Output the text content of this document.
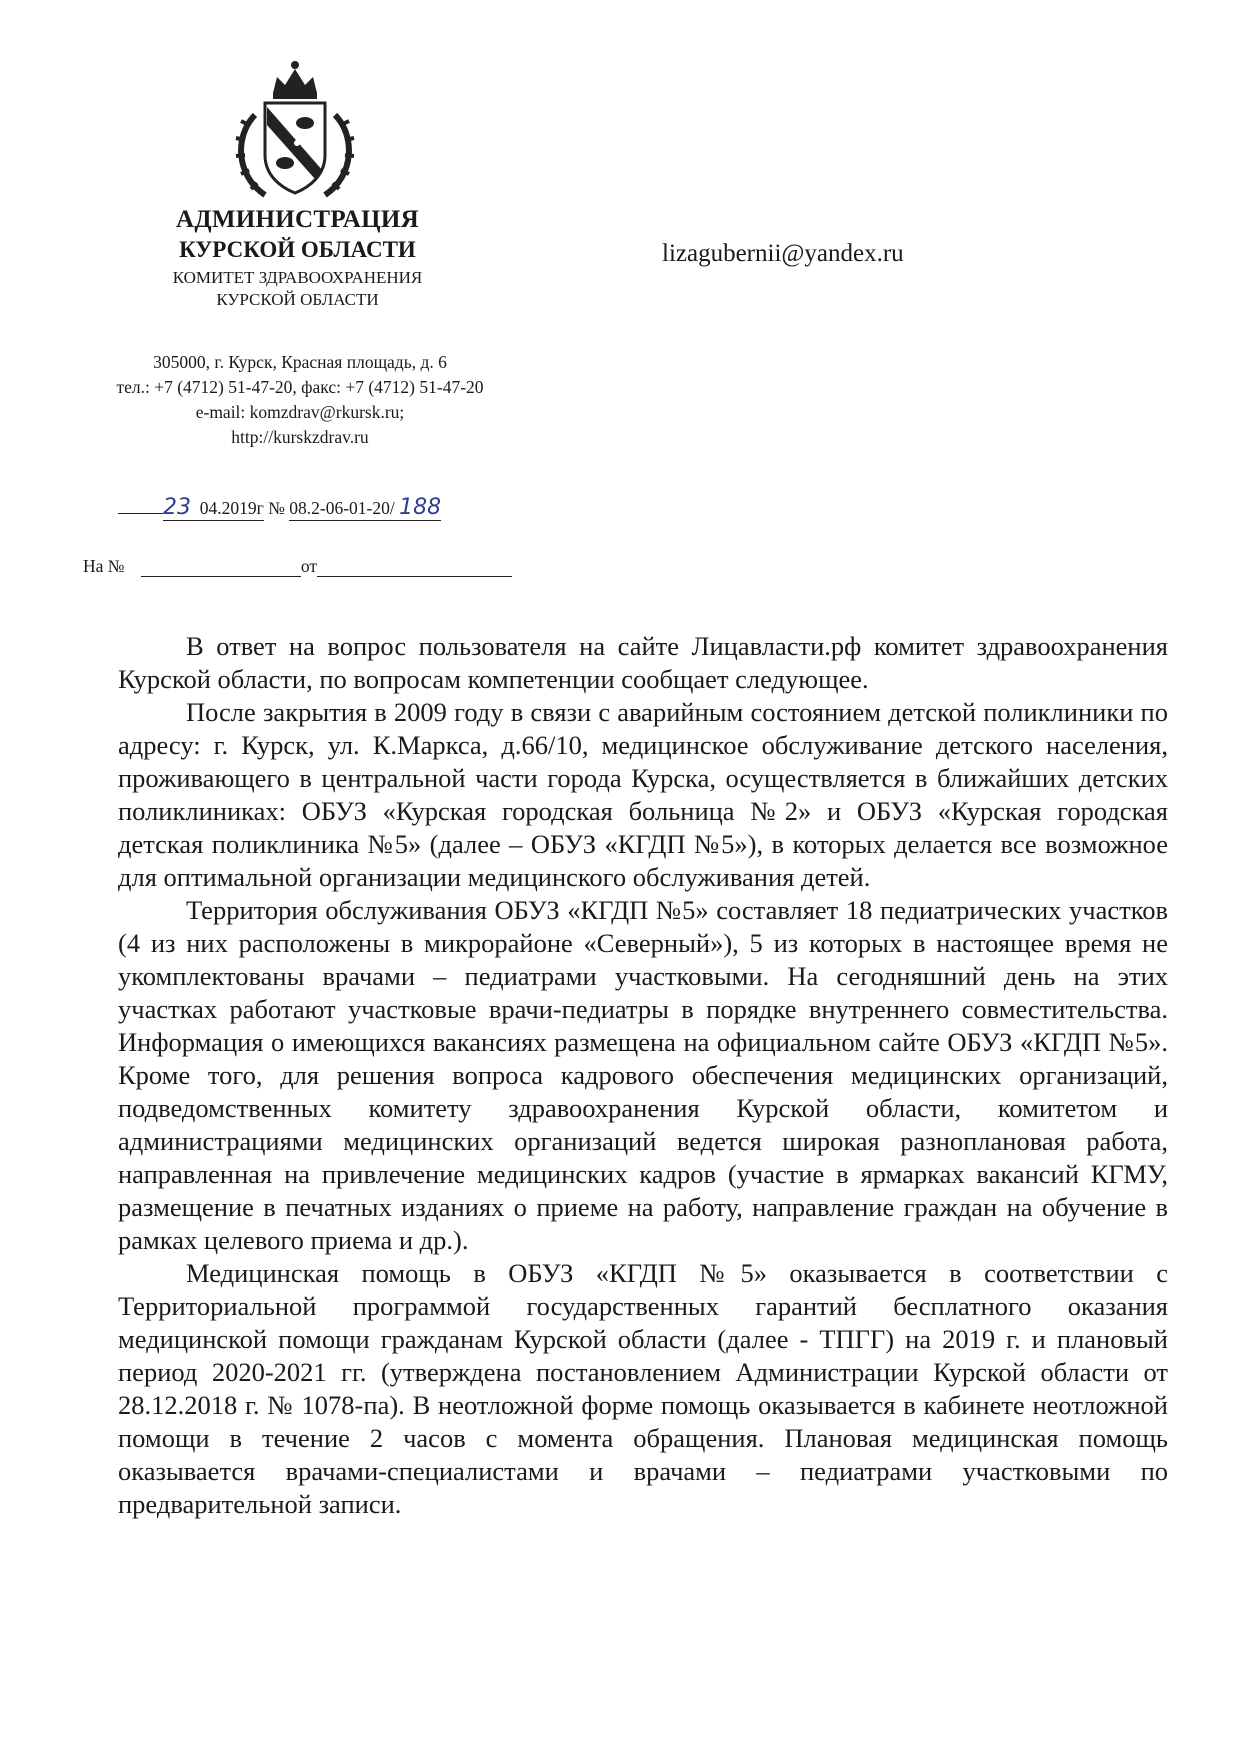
АДМИНИСТРАЦИЯ
КУРСКОЙ ОБЛАСТИ
КОМИТЕТ ЗДРАВООХРАНЕНИЯ
КУРСКОЙ ОБЛАСТИ
305000, г. Курск, Красная площадь, д. 6
тел.: +7 (4712) 51-47-20, факс: +7 (4712) 51-47-20
e-mail: komzdrav@rkursk.ru;
http://kurskzdrav.ru
lizagubernii@yandex.ru
23 04.2019г № 08.2-06-01-20/ 188
На №	от

В ответ на вопрос пользователя на сайте Лицавласти.рф комитет здравоохранения Курской области, по вопросам компетенции сообщает следующее.

После закрытия в 2009 году в связи с аварийным состоянием детской поликлиники по адресу: г. Курск, ул. К.Маркса, д.66/10, медицинское обслуживание детского населения, проживающего в центральной части города Курска, осуществляется в ближайших детских поликлиниках: ОБУЗ «Курская городская больница №2» и ОБУЗ «Курская городская детская поликлиника №5» (далее – ОБУЗ «КГДП №5»), в которых делается все возможное для оптимальной организации медицинского обслуживания детей.

Территория обслуживания ОБУЗ «КГДП №5» составляет 18 педиатрических участков (4 из них расположены в микрорайоне «Северный»), 5 из которых в настоящее время не укомплектованы врачами – педиатрами участковыми. На сегодняшний день на этих участках работают участковые врачи-педиатры в порядке внутреннего совместительства. Информация о имеющихся вакансиях размещена на официальном сайте ОБУЗ «КГДП №5». Кроме того, для решения вопроса кадрового обеспечения медицинских организаций, подведомственных комитету здравоохранения Курской области, комитетом и администрациями медицинских организаций ведется широкая разноплановая работа, направленная на привлечение медицинских кадров (участие в ярмарках вакансий КГМУ, размещение в печатных изданиях о приеме на работу, направление граждан на обучение в рамках целевого приема и др.).

Медицинская помощь в ОБУЗ «КГДП №5» оказывается в соответствии с Территориальной программой государственных гарантий бесплатного оказания медицинской помощи гражданам Курской области (далее - ТПГГ) на 2019 г. и плановый период 2020-2021 гг. (утверждена постановлением Администрации Курской области от 28.12.2018 г. № 1078-па). В неотложной форме помощь оказывается в кабинете неотложной помощи в течение 2 часов с момента обращения. Плановая медицинская помощь оказывается врачами-специалистами и врачами – педиатрами участковыми по предварительной записи.
